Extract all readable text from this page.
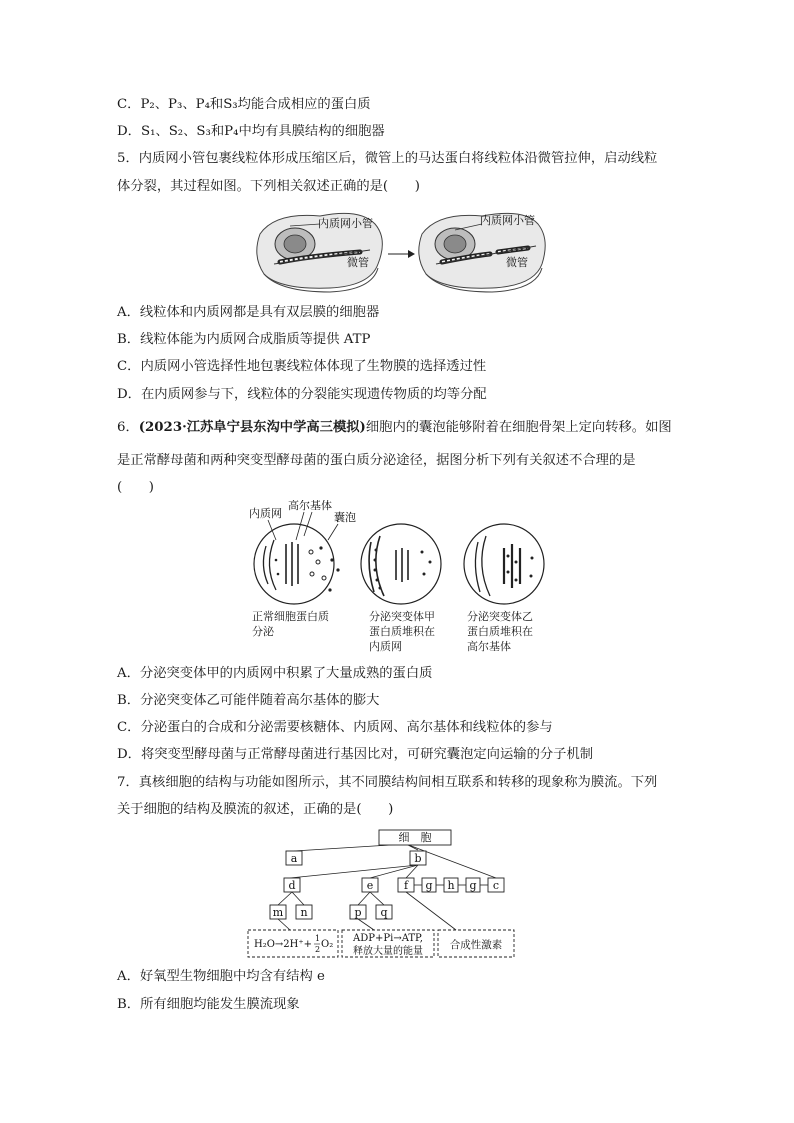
C．P₂、P₃、P₄和S₃均能合成相应的蛋白质
D．S₁、S₂、S₃和P₄中均有具膜结构的细胞器
5．内质网小管包裹线粒体形成压缩区后，微管上的马达蛋白将线粒体沿微管拉伸，启动线粒
体分裂，其过程如图。下列相关叙述正确的是(　　)
内质网小管
微管
内质网小管
微管
A．线粒体和内质网都是具有双层膜的细胞器
B．线粒体能为内质网合成脂质等提供 ATP
C．内质网小管选择性地包裹线粒体体现了生物膜的选择透过性
D．在内质网参与下，线粒体的分裂能实现遗传物质的均等分配
6．(2023·江苏阜宁县东沟中学高三模拟)细胞内的囊泡能够附着在细胞骨架上定向转移。如图
是正常酵母菌和两种突变型酵母菌的蛋白质分泌途径，据图分析下列有关叙述不合理的是
(　　)
内质网
高尔基体
囊泡
正常细胞蛋白质
分泌
分泌突变体甲
蛋白质堆积在
内质网
分泌突变体乙
蛋白质堆积在
高尔基体
A．分泌突变体甲的内质网中积累了大量成熟的蛋白质
B．分泌突变体乙可能伴随着高尔基体的膨大
C．分泌蛋白的合成和分泌需要核糖体、内质网、高尔基体和线粒体的参与
D．将突变型酵母菌与正常酵母菌进行基因比对，可研究囊泡定向运输的分子机制
7．真核细胞的结构与功能如图所示，其不同膜结构间相互联系和转移的现象称为膜流。下列
关于细胞的结构及膜流的叙述，正确的是(　　)
细　胞
a	b
d	e	f g h g c
m n	p q
H₂O→2H⁺+
1
2 O₂
ADP+Pi→ATP,
释放大量的能量
合成性激素
A．好氧型生物细胞中均含有结构 e
B．所有细胞均能发生膜流现象
